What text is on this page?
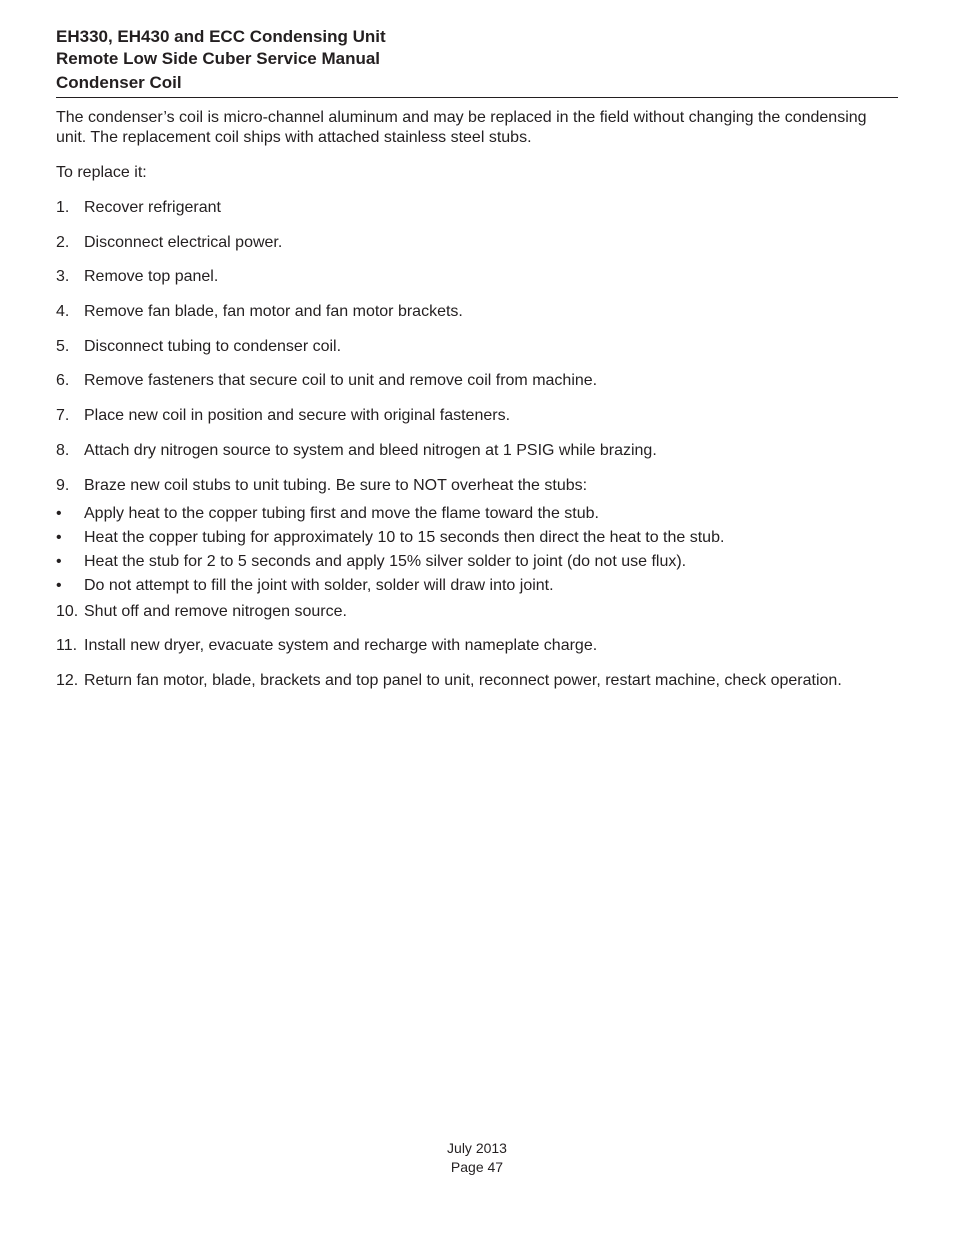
EH330, EH430 and ECC Condensing Unit

Remote Low Side Cuber Service Manual

Condenser Coil

The condenser’s coil is micro-channel aluminum and may be replaced in the field without changing the condensing unit. The replacement coil ships with attached stainless steel stubs.

To replace it:

1. Recover refrigerant
2. Disconnect electrical power.
3. Remove top panel.
4. Remove fan blade, fan motor and fan motor brackets.
5. Disconnect tubing to condenser coil.
6. Remove fasteners that secure coil to unit and remove coil from machine.
7. Place new coil in position and secure with original fasteners.
8. Attach dry nitrogen source to system and bleed nitrogen at 1 PSIG while brazing.
9. Braze new coil stubs to unit tubing. Be sure to NOT overheat the stubs:
• Apply heat to the copper tubing first and move the flame toward the stub.
• Heat the copper tubing for approximately 10 to 15 seconds then direct the heat to the stub.
• Heat the stub for 2 to 5 seconds and apply 15% silver solder to joint (do not use flux).
• Do not attempt to fill the joint with solder, solder will draw into joint.
10. Shut off and remove nitrogen source.
11. Install new dryer, evacuate system and recharge with nameplate charge.
12. Return fan motor, blade, brackets and top panel to unit, reconnect power, restart machine, check operation.
July 2013
Page 47
